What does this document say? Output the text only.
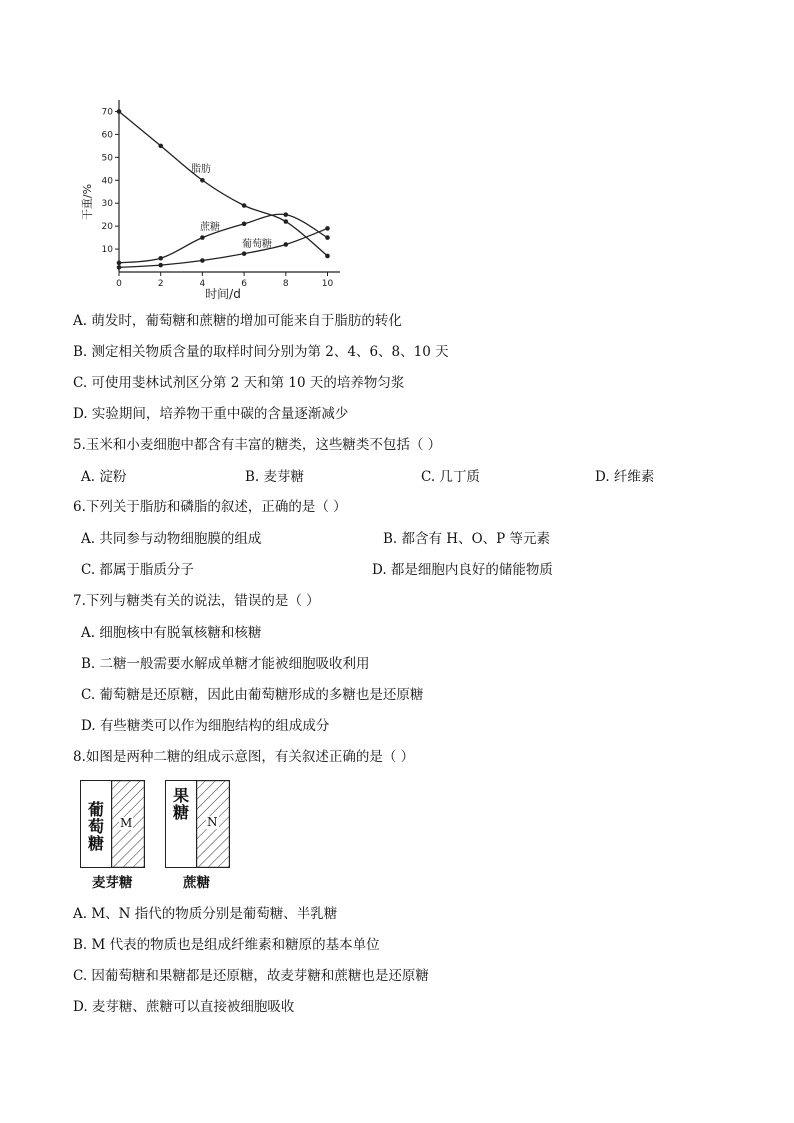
0	2	4	6	8	10
10
20
30
40
50
60
70
时间/d
干重/%
脂肪
蔗糖
葡萄糖
A. 萌发时，葡萄糖和蔗糖的增加可能来自于脂肪的转化
B. 测定相关物质含量的取样时间分别为第 2、4、6、8、10 天
C. 可使用斐林试剂区分第 2 天和第 10 天的培养物匀浆
D. 实验期间，培养物干重中碳的含量逐渐减少
5.玉米和小麦细胞中都含有丰富的糖类，这些糖类不包括（ ）
A. 淀粉	B. 麦芽糖	C. 几丁质	D. 纤维素
6.下列关于脂肪和磷脂的叙述，正确的是（ ）
A. 共同参与动物细胞膜的组成	B. 都含有 H、O、P 等元素
C. 都属于脂质分子	D. 都是细胞内良好的储能物质
7.下列与糖类有关的说法，错误的是（ ）
A. 细胞核中有脱氧核糖和核糖
B. 二糖一般需要水解成单糖才能被细胞吸收利用
C. 葡萄糖是还原糖，因此由葡萄糖形成的多糖也是还原糖
D. 有些糖类可以作为细胞结构的组成成分
8.如图是两种二糖的组成示意图，有关叙述正确的是（ ）
葡
萄
糖
M
麦芽糖
果
糖	N
蔗糖
A. M、N 指代的物质分别是葡萄糖、半乳糖
B. M 代表的物质也是组成纤维素和糖原的基本单位
C. 因葡萄糖和果糖都是还原糖，故麦芽糖和蔗糖也是还原糖
D. 麦芽糖、蔗糖可以直接被细胞吸收
